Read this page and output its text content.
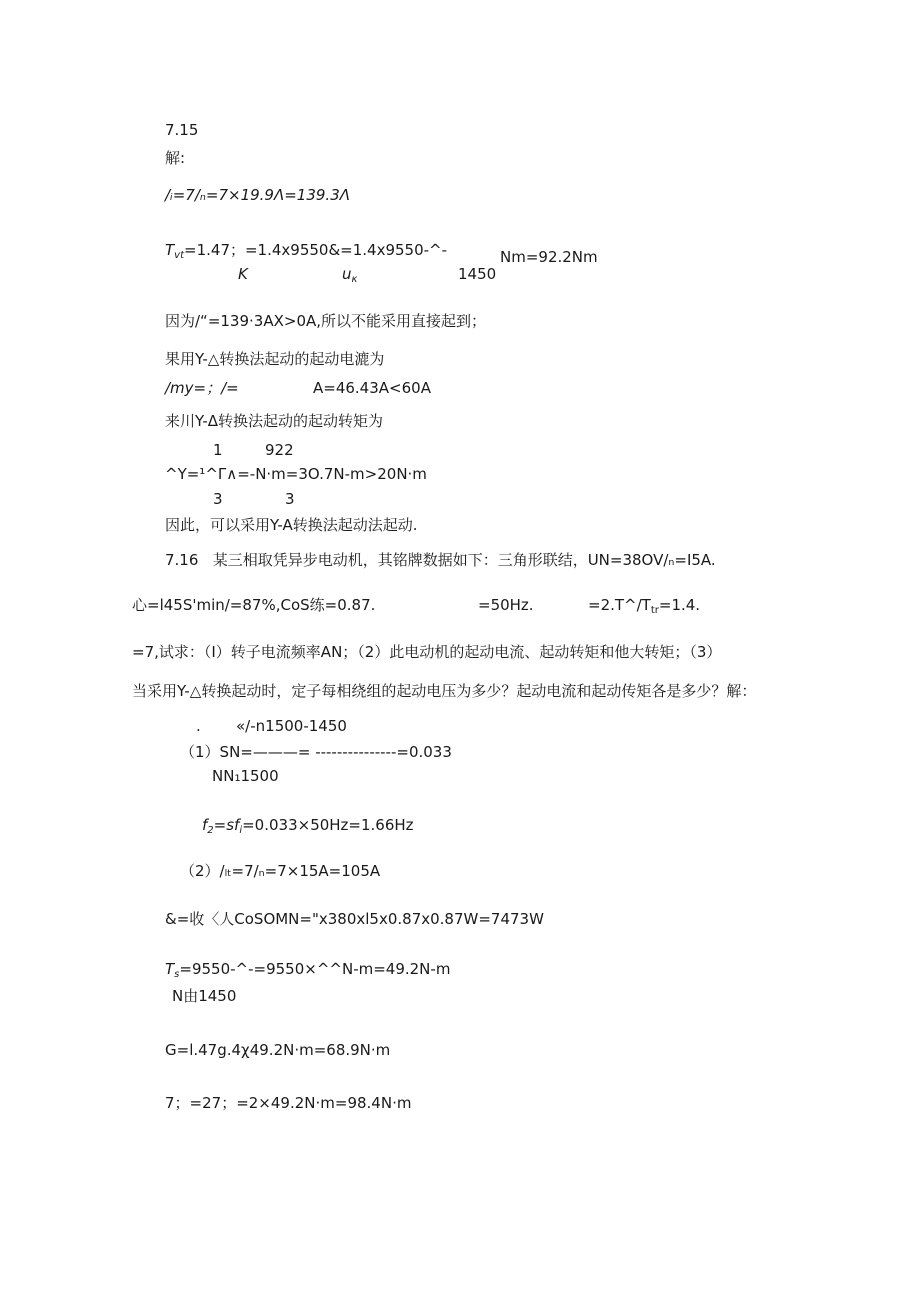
7.15
解:
/ᵢ=7/ₙ=7×19.9Λ=139.3Λ
$T_{vt}=1.47$；=1.4x9550&=1.4x9550-^-	Nm=92.2Nm
K	$u_\kappa$	1450
因为/“=139·3AX>0A,所以不能采用直接起到；
果用Y-△转换法起动的起动电漉为
/my=；/=	A=46.43A<60A
来川Y-Δ转换法起动的起动转矩为
1	922
^Y=¹^Γ∧=-N·m=3O.7N-m>20N·m
3	3
因此，可以采用Y-A转换法起动法起动.
7.16   某三相取凭异步电动机，其铭牌数据如下：三角形联结，UN=38OV/ₙ=I5A.
心=l45S'min/=87%,CoS练=0.87.	=50Hz.	$=2.T\^{}/T_{tr}=1.4$.
=7,试求：（I）转子电流频率AN；（2）此电动机的起动电流、起动转矩和他大转矩；（3）
当采用Y-△转换起动时，定子每相绕组的起动电压为多少？起动电流和起动传矩各是多少？解：
. «/-n1500-1450
（1）SN=———= ---------------=0.033
NN₁1500
$f_2=sf_i=0.033\times 50Hz=1.66Hz$
（2）/ₗₜ=7/ₙ=7×15A=105A
&=收〈人CoSOMN="x380xl5x0.87x0.87W=7473W
$T_s=9550-\^{}-=9550\times\^{}\^{}N-m=49.2N-m$
N由1450
G=l.47g.4χ49.2N·m=68.9N·m
7；=27；=2×49.2N·m=98.4N·m
